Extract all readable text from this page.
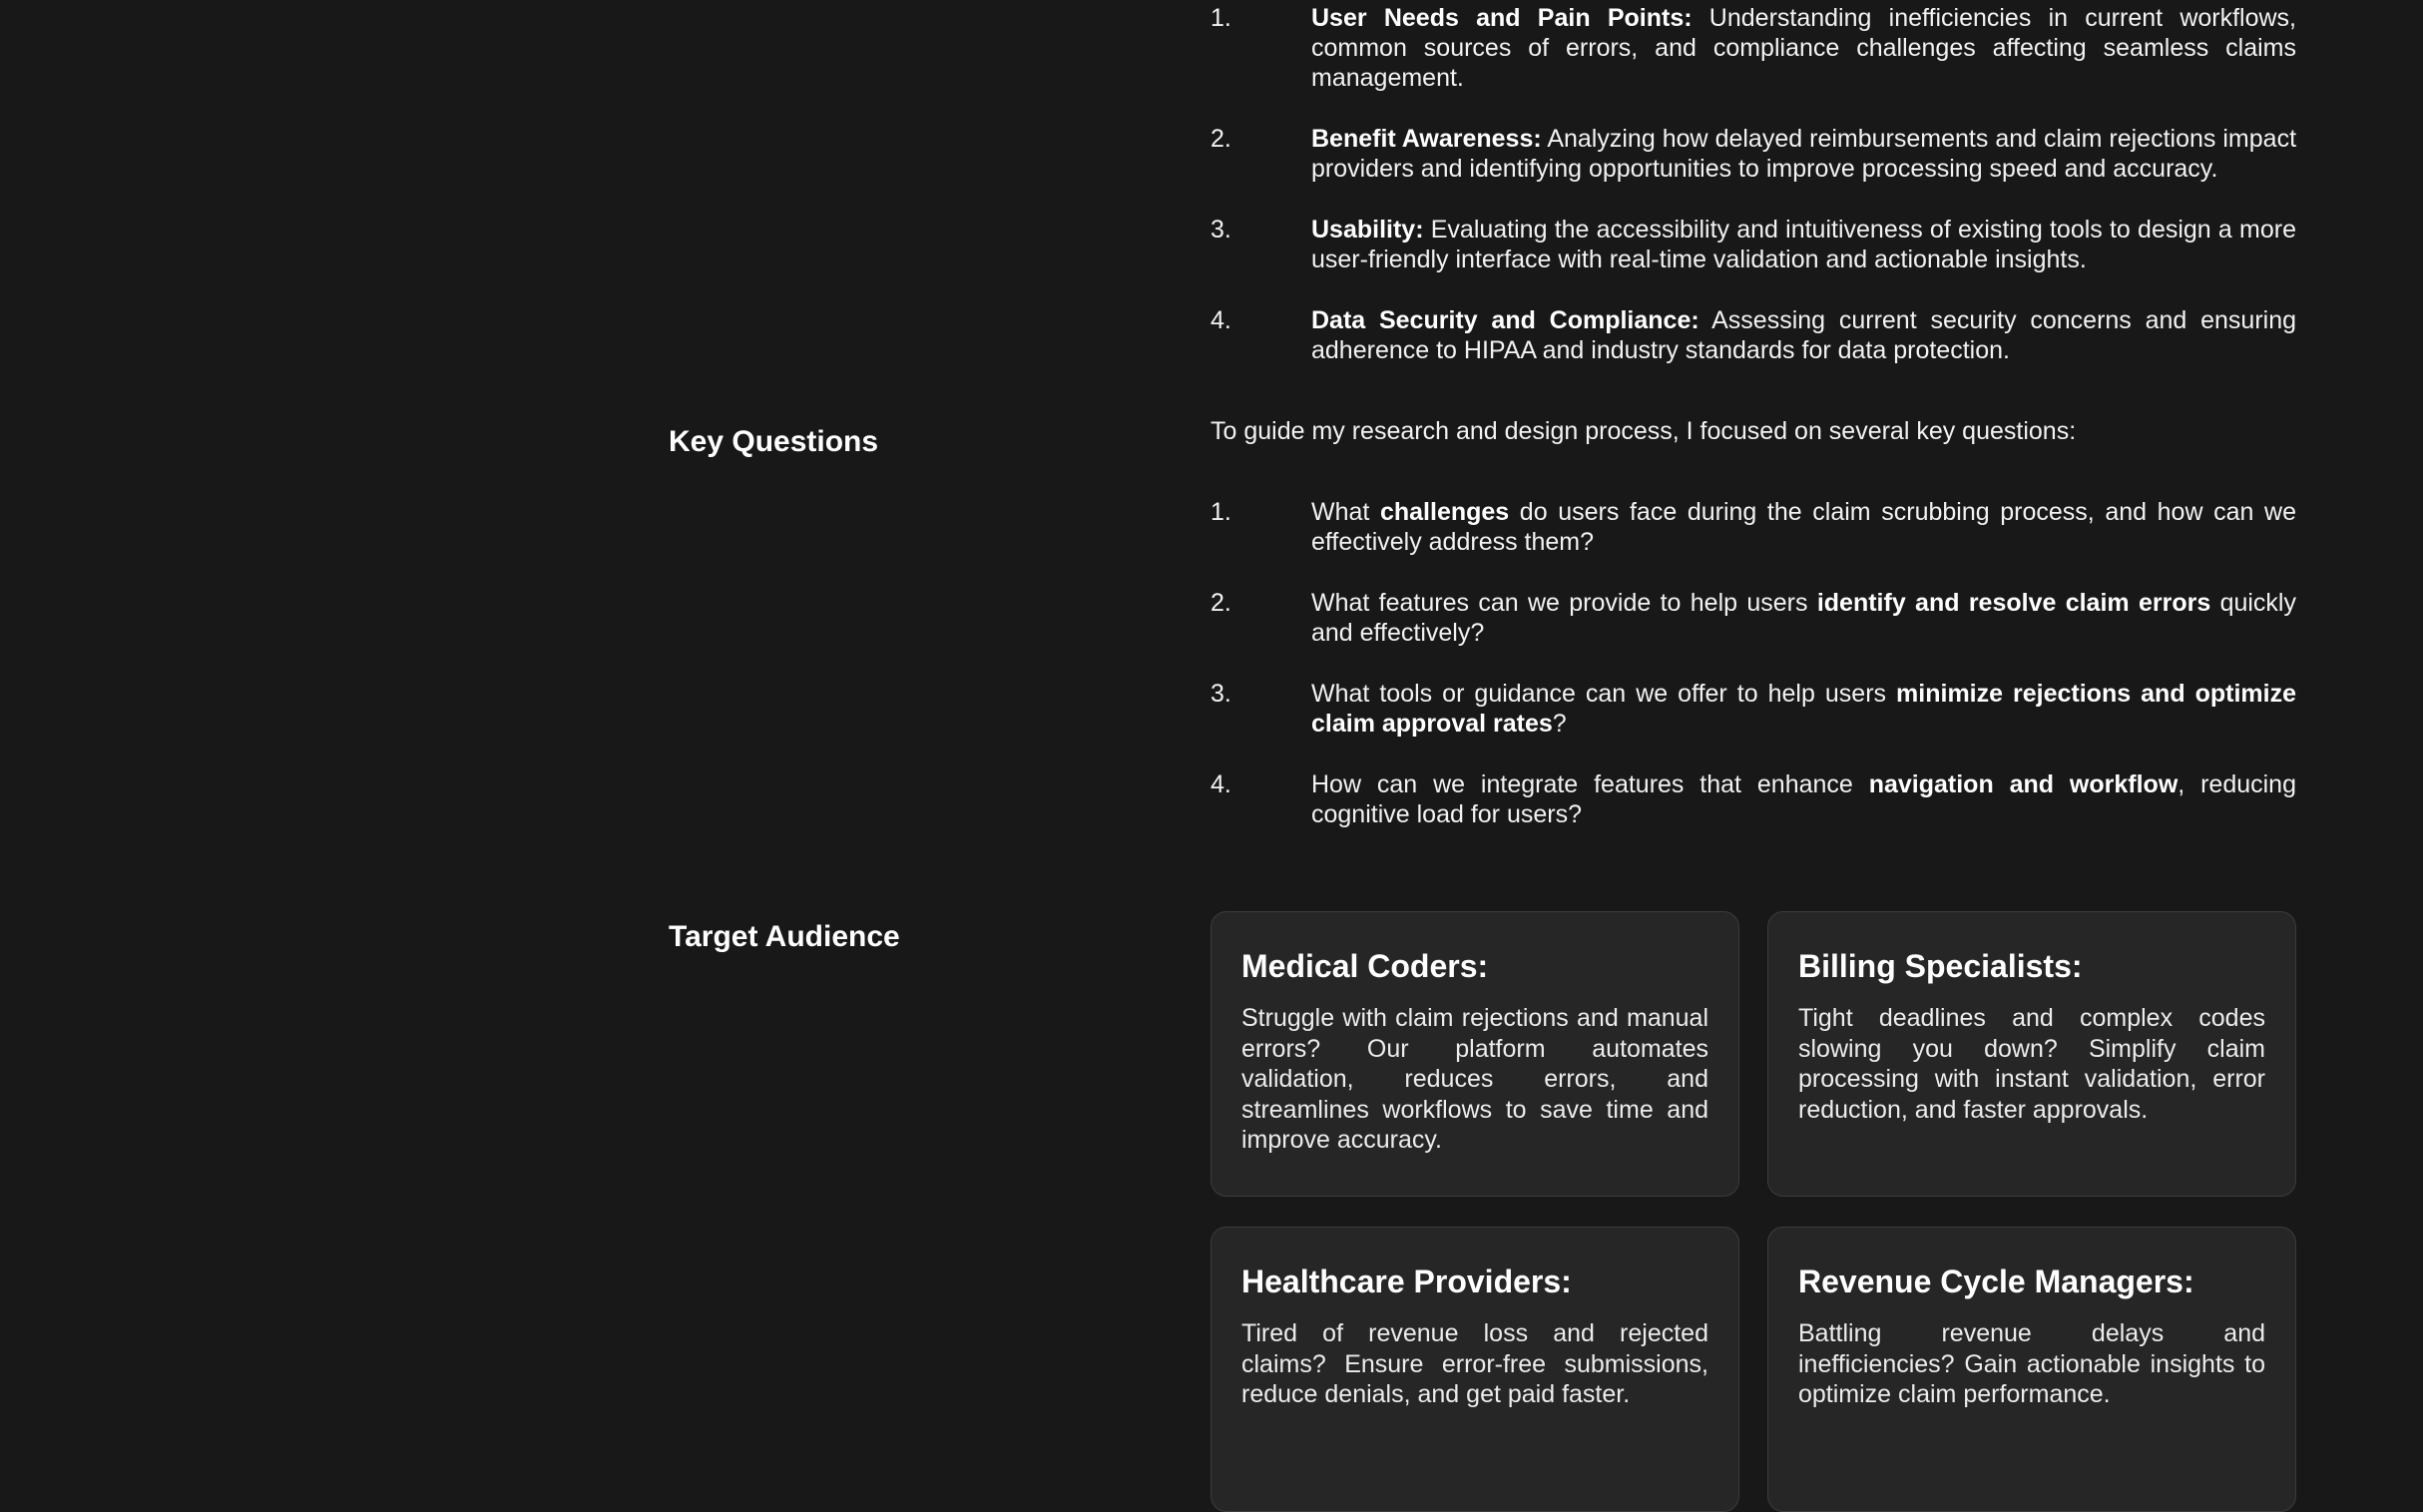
1.	User Needs and Pain Points: Understanding inefficiencies in current workflows, common sources of errors, and compliance challenges affecting seamless claims management.
2.	Benefit Awareness: Analyzing how delayed reimbursements and claim rejections impact providers and identifying opportunities to improve processing speed and accuracy.
3.	Usability: Evaluating the accessibility and intuitiveness of existing tools to design a more user-friendly interface with real-time validation and actionable insights.
4.	Data Security and Compliance: Assessing current security concerns and ensuring adherence to HIPAA and industry standards for data protection.
Key Questions	To guide my research and design process, I focused on several key questions:

1.	What challenges do users face during the claim scrubbing process, and how can we effectively address them?
2.	What features can we provide to help users identify and resolve claim errors quickly and effectively?
3.	What tools or guidance can we offer to help users minimize rejections and optimize claim approval rates?
4.	How can we integrate features that enhance navigation and workflow, reducing cognitive load for users?
Target Audience
Medical Coders:

Struggle with claim rejections and manual errors? Our platform automates validation, reduces errors, and streamlines workflows to save time and improve accuracy.

Billing Specialists:

Tight deadlines and complex codes slowing you down? Simplify claim processing with instant validation, error reduction, and faster approvals.

Healthcare Providers:

Tired of revenue loss and rejected claims? Ensure error-free submissions, reduce denials, and get paid faster.

Revenue Cycle Managers:

Battling revenue delays and inefficiencies? Gain actionable insights to optimize claim performance.
